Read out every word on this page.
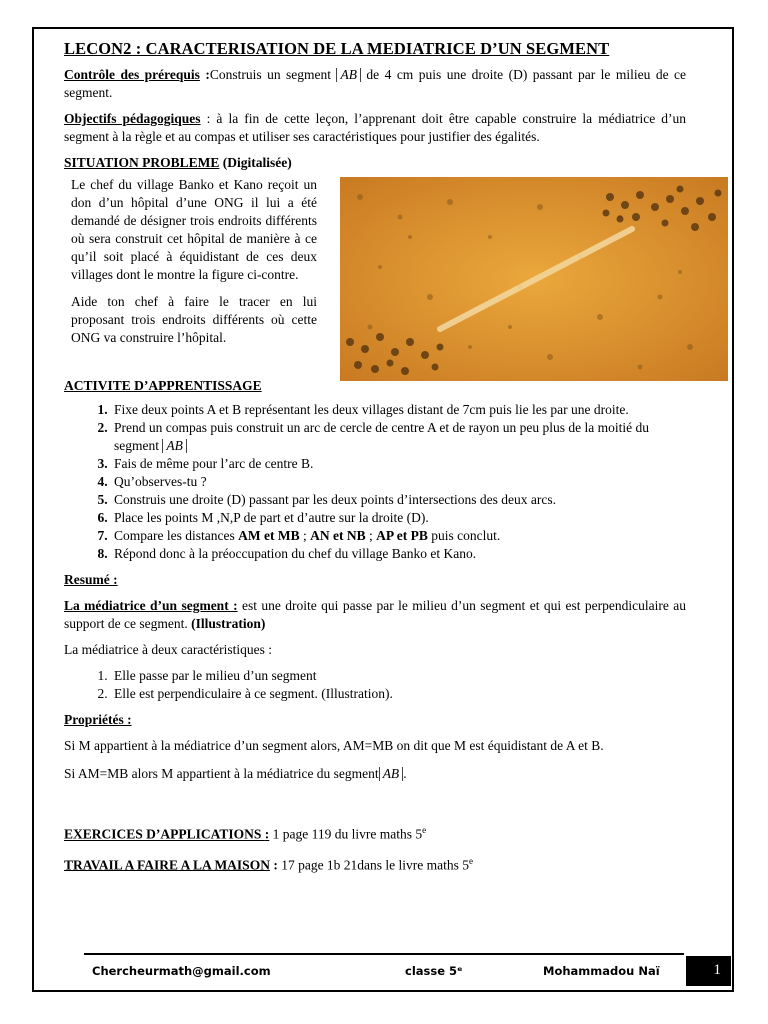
LECON2 : CARACTERISATION DE LA MEDIATRICE D’UN SEGMENT

Contrôle des prérequis :Construis un segment AB de 4 cm puis une droite (D) passant par le milieu de ce segment.

Objectifs pédagogiques : à la fin de cette leçon, l’apprenant doit être capable construire la médiatrice d’un segment à la règle et au compas et utiliser ses caractéristiques pour justifier des égalités.

SITUATION PROBLEME (Digitalisée)

Le chef du village Banko et Kano reçoit un don d’un hôpital d’une ONG il lui a été demandé de désigner trois endroits différents où sera construit cet hôpital de manière à ce qu’il soit placé à équidistant de ces deux villages dont le montre la figure ci-contre.

Aide ton chef à faire le tracer en lui proposant trois endroits différents où cette ONG va construire l’hôpital.

ACTIVITE D’APPRENTISSAGE
1. Fixe deux points A et B représentant les deux villages distant de 7cm puis lie les par une droite.
2. Prend un compas puis construit un arc de cercle de centre A et de rayon un peu plus de la moitié du segment AB
3. Fais de même pour l’arc de centre B.
4. Qu’observes-tu ?
5. Construis une droite (D) passant par les deux points d’intersections des deux arcs.
6. Place les points M ,N,P de part et d’autre sur la droite (D).
7. Compare les distances AM et MB ; AN et NB ; AP et PB puis conclut.
8. Répond donc à la préoccupation du chef du village Banko et Kano.

Resumé :

La médiatrice d’un segment : est une droite qui passe par le milieu d’un segment et qui est perpendiculaire au support de ce segment. (Illustration)

La médiatrice à deux caractéristiques :

1. Elle passe par le milieu d’un segment
2. Elle est perpendiculaire à ce segment. (Illustration).

Propriétés :

Si M appartient à la médiatrice d’un segment alors, AM=MB on dit que M est équidistant de A et B.

Si AM=MB alors M appartient à la médiatrice du segment AB .

EXERCICES D’APPLICATIONS : 1 page 119 du livre maths 5e

TRAVAIL A FAIRE A LA MAISON : 17 page 1b 21dans le livre maths 5e

Chercheurmath@gmail.com	classe 5ᵉ	Mohammadou Naï	1
